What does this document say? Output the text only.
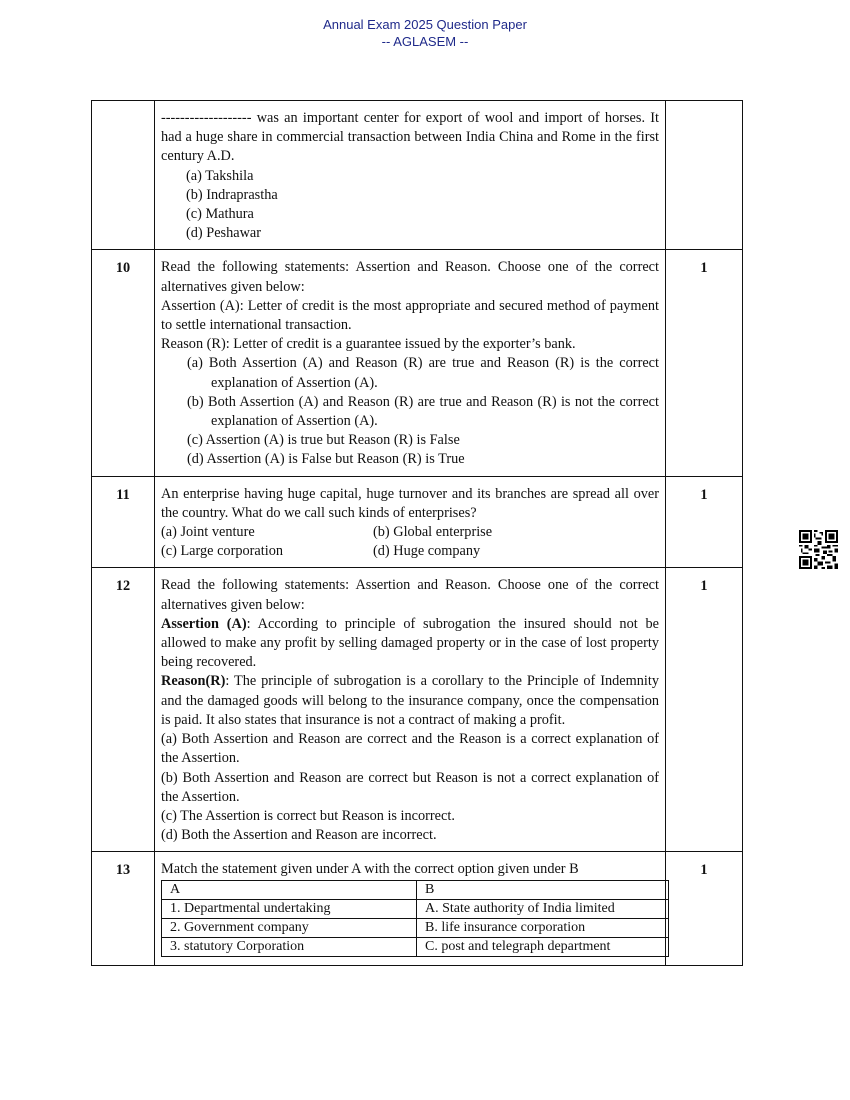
Annual Exam 2025 Question Paper
-- AGLASEM --

------------------- was an important center for export of wool and import of horses. It had a huge share in commercial transaction between India China and Rome in the first century A.D.
(a) Takshila
(b) Indraprastha
(c) Mathura
(d) Peshawar

10	Read the following statements: Assertion and Reason. Choose one of the correct alternatives given below:
Assertion (A): Letter of credit is the most appropriate and secured method of payment to settle international transaction.
Reason (R): Letter of credit is a guarantee issued by the exporter’s bank.
(a) Both Assertion (A) and Reason (R) are true and Reason (R) is the correct explanation of Assertion (A).
(b) Both Assertion (A) and Reason (R) are true and Reason (R) is not the correct explanation of Assertion (A).
(c) Assertion (A) is true but Reason (R) is False
(d) Assertion (A) is False but Reason (R) is True
	1
11	An enterprise having huge capital, huge turnover and its branches are spread all over the country. What do we call such kinds of enterprises?
(a) Joint venture	(b) Global enterprise
(c) Large corporation	(d) Huge company
	1
12	Read the following statements: Assertion and Reason. Choose one of the correct alternatives given below:
Assertion (A): According to principle of subrogation the insured should not be allowed to make any profit by selling damaged property or in the case of lost property being recovered.
Reason(R): The principle of subrogation is a corollary to the Principle of Indemnity and the damaged goods will belong to the insurance company, once the compensation is paid. It also states that insurance is not a contract of making a profit.
(a) Both Assertion and Reason are correct and the Reason is a correct explanation of the Assertion.
(b) Both Assertion and Reason are correct but Reason is not a correct explanation of the Assertion.
(c) The Assertion is correct but Reason is incorrect.
(d) Both the Assertion and Reason are incorrect.
	1
13	Match the statement given under A with the correct option given under B
A	B
1. Departmental undertaking	A. State authority of India limited
2. Government company	B. life insurance corporation
3. statutory Corporation	C. post and telegraph department
	1
